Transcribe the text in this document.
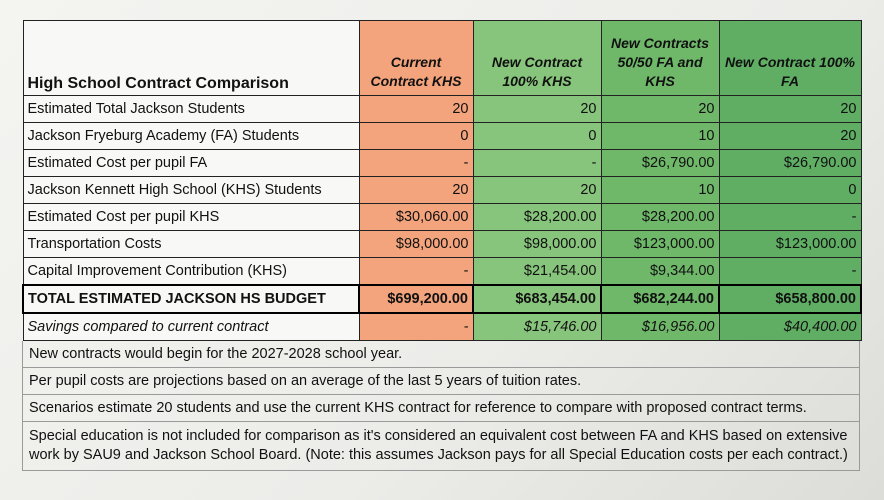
High School Contract Comparison	Current Contract KHS	New Contract 100% KHS	New Contracts 50/50 FA and KHS	New Contract 100% FA
Estimated Total Jackson Students	20	20	20	20
Jackson Fryeburg Academy (FA) Students	0	0	10	20
Estimated Cost per pupil FA	-	-	$26,790.00	$26,790.00
Jackson Kennett High School (KHS) Students	20	20	10	0
Estimated Cost per pupil KHS	$30,060.00	$28,200.00	$28,200.00	-
Transportation Costs	$98,000.00	$98,000.00	$123,000.00	$123,000.00
Capital Improvement Contribution (KHS)	-	$21,454.00	$9,344.00	-
TOTAL ESTIMATED JACKSON HS BUDGET	$699,200.00	$683,454.00	$682,244.00	$658,800.00
Savings compared to current contract	-	$15,746.00	$16,956.00	$40,400.00
New contracts would begin for the 2027-2028 school year.
Per pupil costs are projections based on an average of the last 5 years of tuition rates.
Scenarios estimate 20 students and use the current KHS contract for reference to compare with proposed contract terms.
Special education is not included for comparison as it's considered an equivalent cost between FA and KHS based on extensive work by SAU9 and Jackson School Board. (Note: this assumes Jackson pays for all Special Education costs per each contract.)
